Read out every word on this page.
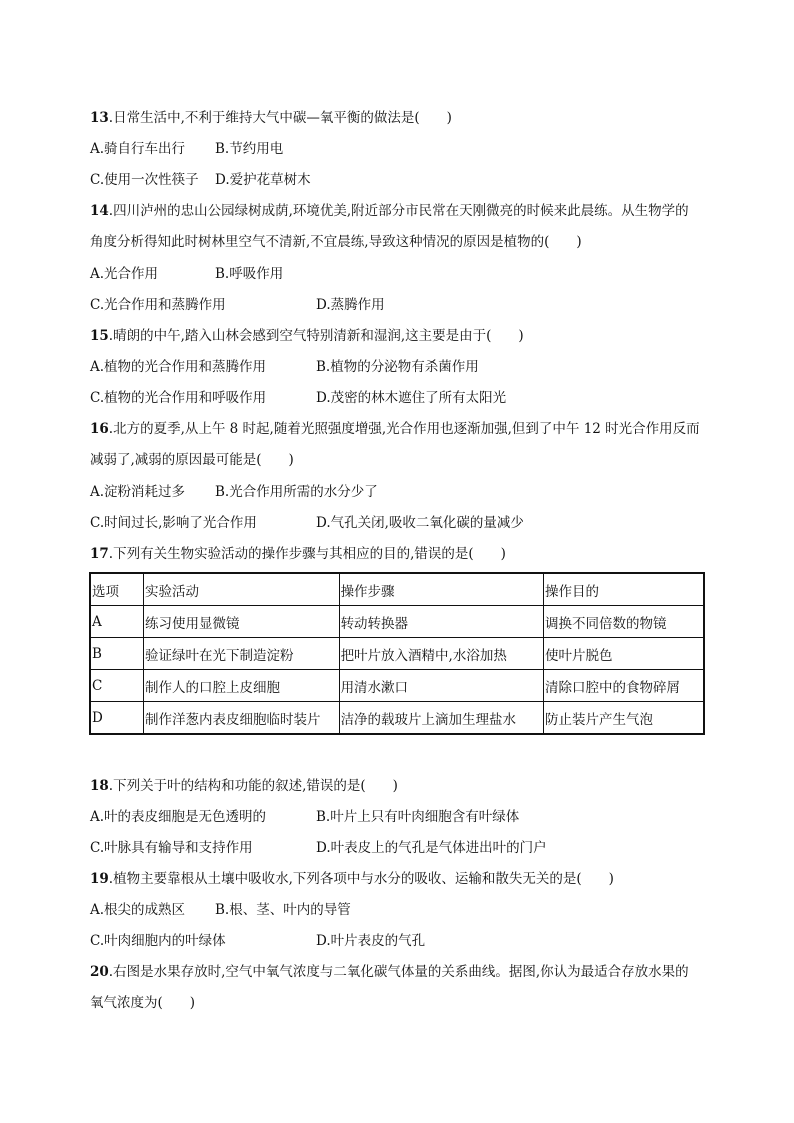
13.日常生活中,不利于维持大气中碳—氧平衡的做法是(　　)
A.骑自行车出行 B.节约用电
C.使用一次性筷子 D.爱护花草树木
14.四川泸州的忠山公园绿树成荫,环境优美,附近部分市民常在天刚微亮的时候来此晨练。从生物学的
角度分析得知此时树林里空气不清新,不宜晨练,导致这种情况的原因是植物的(　　)
A.光合作用	B.呼吸作用
C.光合作用和蒸腾作用	D.蒸腾作用
15.晴朗的中午,踏入山林会感到空气特别清新和湿润,这主要是由于(　　)
A.植物的光合作用和蒸腾作用	B.植物的分泌物有杀菌作用
C.植物的光合作用和呼吸作用	D.茂密的林木遮住了所有太阳光
16.北方的夏季,从上午 8 时起,随着光照强度增强,光合作用也逐渐加强,但到了中午 12 时光合作用反而
减弱了,减弱的原因最可能是(　　)
A.淀粉消耗过多 B.光合作用所需的水分少了
C.时间过长,影响了光合作用	D.气孔关闭,吸收二氧化碳的量减少
17.下列有关生物实验活动的操作步骤与其相应的目的,错误的是(　　)
选项	实验活动	操作步骤	操作目的
A	练习使用显微镜	转动转换器	调换不同倍数的物镜
B	验证绿叶在光下制造淀粉	把叶片放入酒精中,水浴加热	使叶片脱色
C	制作人的口腔上皮细胞	用清水漱口	清除口腔中的食物碎屑
D	制作洋葱内表皮细胞临时装片	洁净的载玻片上滴加生理盐水	防止装片产生气泡
18.下列关于叶的结构和功能的叙述,错误的是(　　)
A.叶的表皮细胞是无色透明的	B.叶片上只有叶肉细胞含有叶绿体
C.叶脉具有输导和支持作用	D.叶表皮上的气孔是气体进出叶的门户
19.植物主要靠根从土壤中吸收水,下列各项中与水分的吸收、运输和散失无关的是(　　)
A.根尖的成熟区 B.根、茎、叶内的导管
C.叶肉细胞内的叶绿体	D.叶片表皮的气孔
20.右图是水果存放时,空气中氧气浓度与二氧化碳气体量的关系曲线。据图,你认为最适合存放水果的
氧气浓度为(　　)
